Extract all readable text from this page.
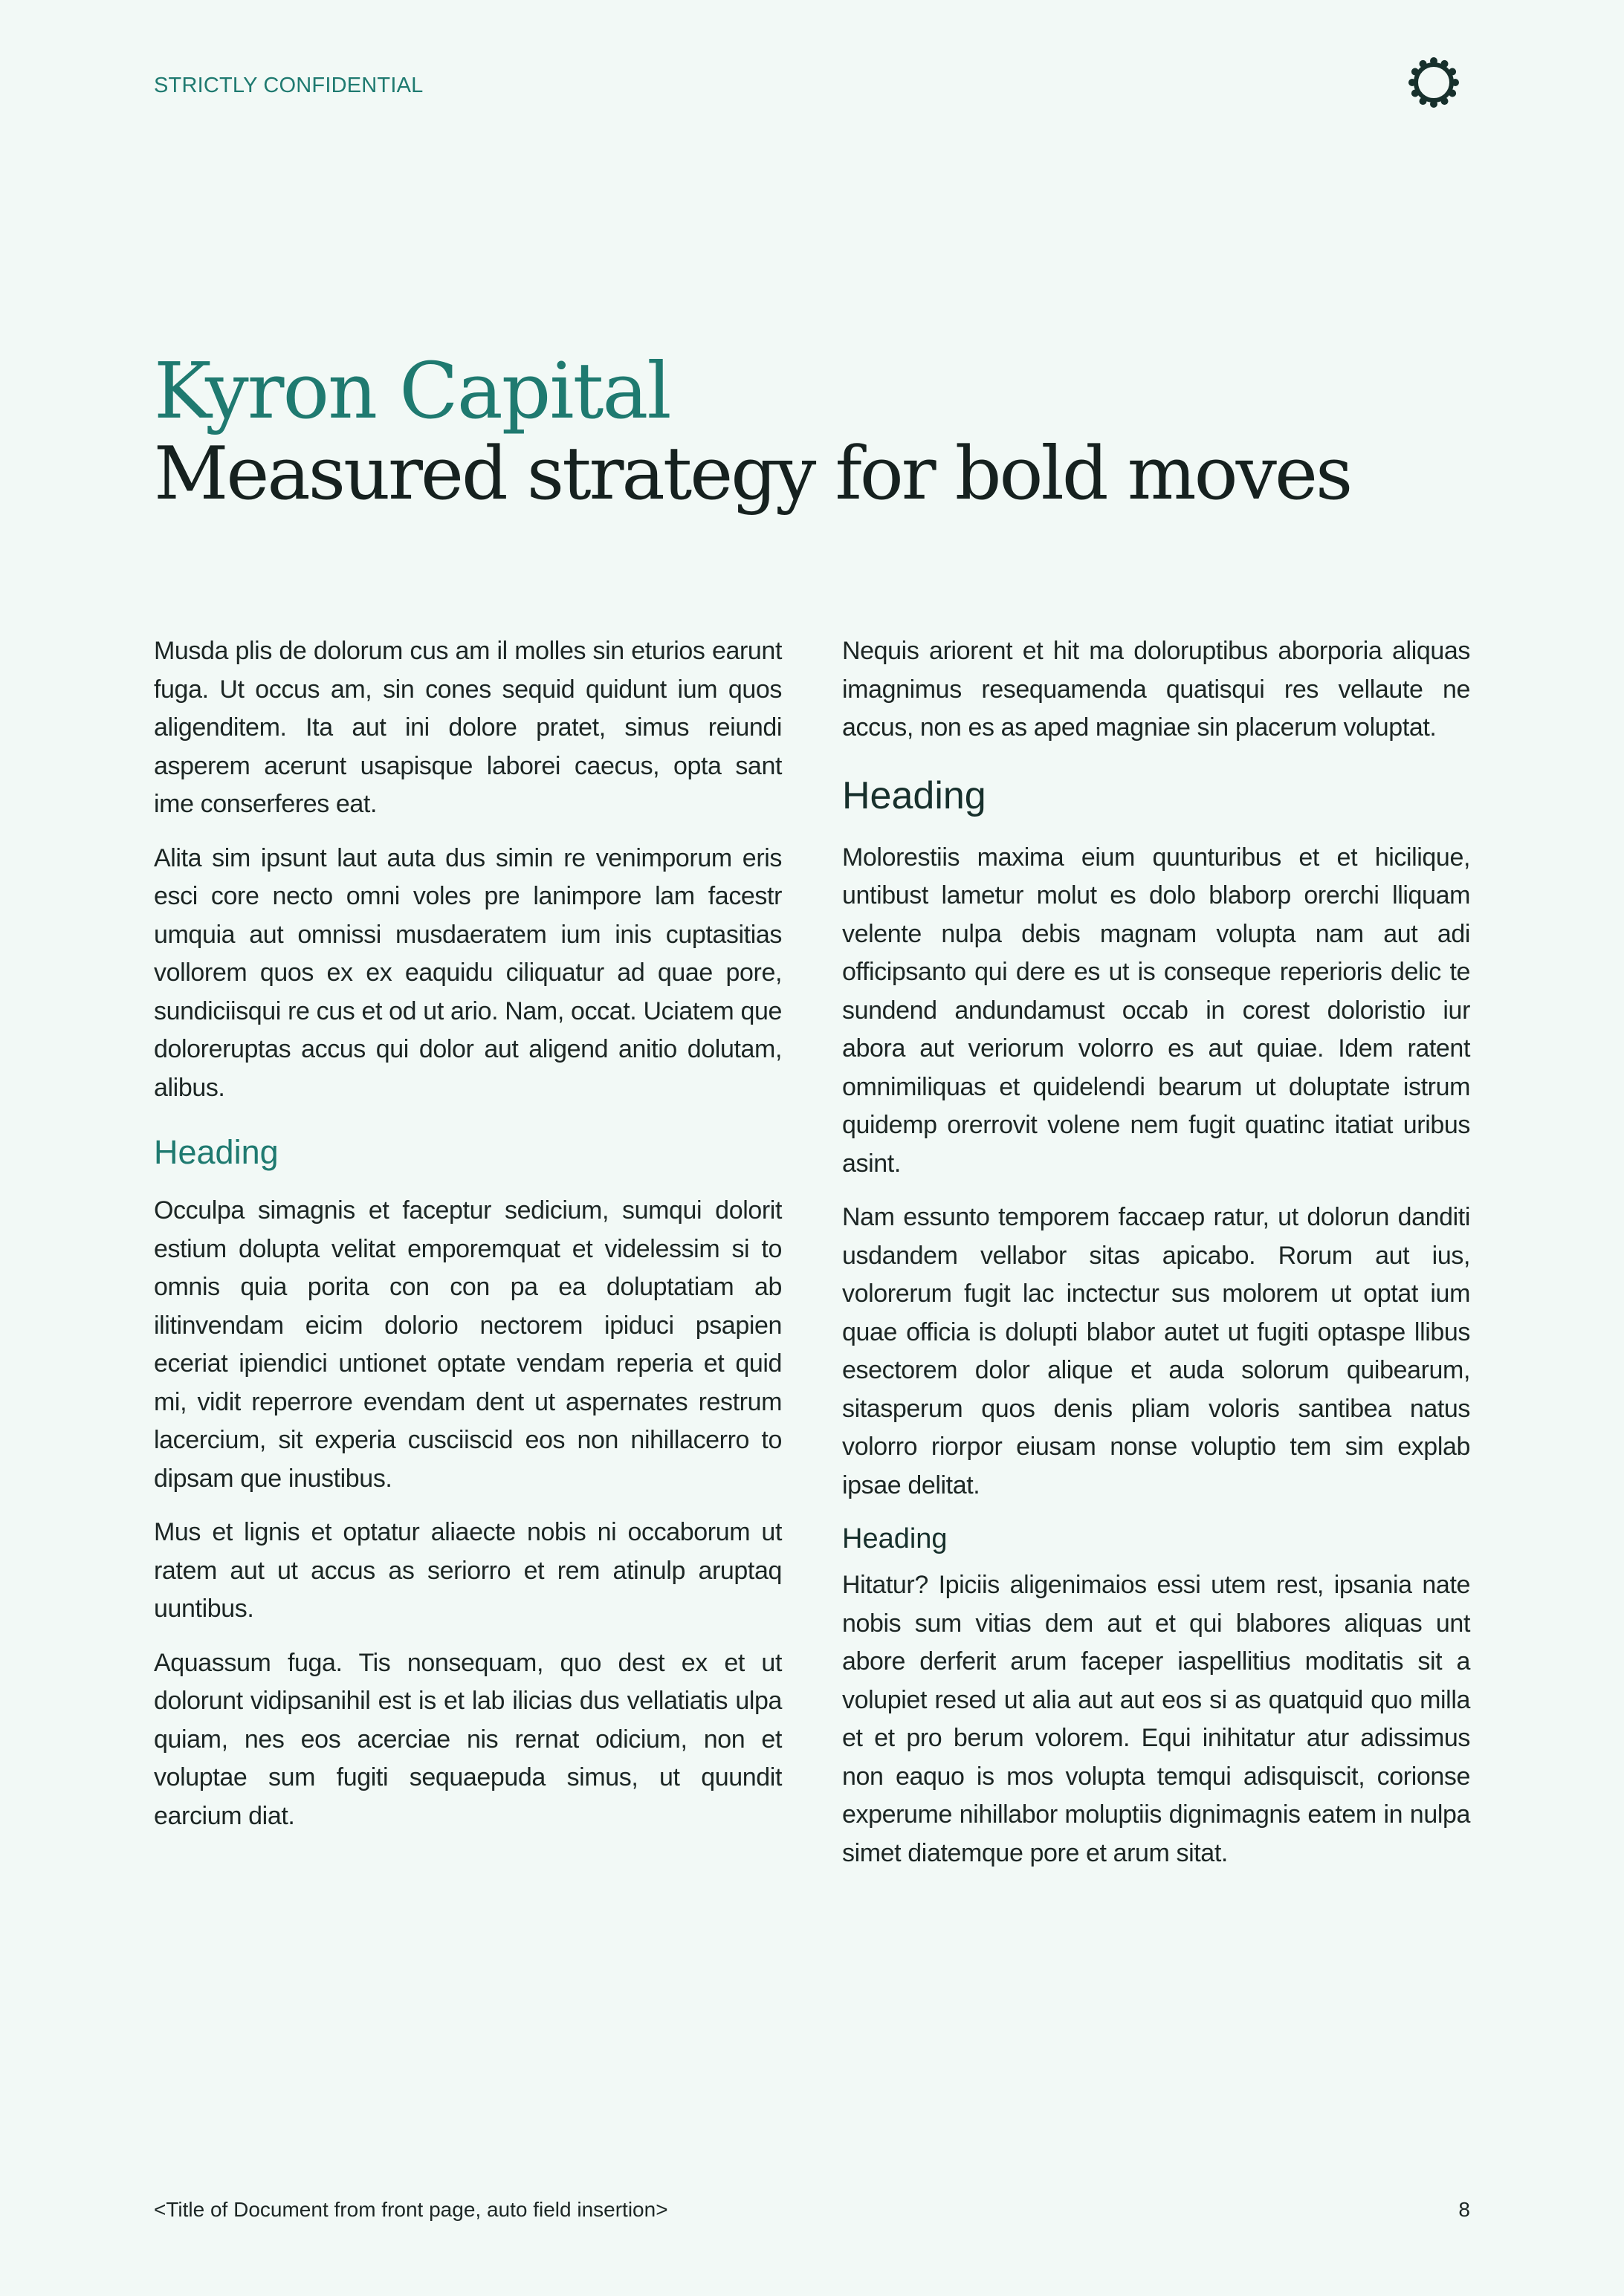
STRICTLY CONFIDENTIAL
Kyron Capital
Measured strategy for bold moves

Musda plis de dolorum cus am il molles sin eturios earunt fuga. Ut occus am, sin cones sequid quidunt ium quos aligenditem. Ita aut ini dolore pratet, simus reiundi asperem acerunt usapisque laborei caecus, opta sant ime conserferes eat.

Alita sim ipsunt laut auta dus simin re venimporum eris esci core necto omni voles pre lanimpore lam facestr umquia aut omnissi musdaeratem ium inis cuptasitias vollorem quos ex ex eaquidu ciliquatur ad quae pore, sundiciisqui re cus et od ut ario. Nam, occat. Uciatem que doloreruptas accus qui dolor aut aligend anitio dolutam, alibus.

Heading

Occulpa simagnis et faceptur sedicium, sumqui dolorit estium dolupta velitat emporemquat et videlessim si to omnis quia porita con con pa ea doluptatiam ab ilitinvendam eicim dolorio nectorem ipiduci psapien eceriat ipiendici untionet optate vendam reperia et quid mi, vidit reperrore evendam dent ut aspernates restrum lacercium, sit experia cusciiscid eos non nihillacerro to dipsam que inustibus.

Mus et lignis et optatur aliaecte nobis ni occaborum ut ratem aut ut accus as seriorro et rem atinulp aruptaq uuntibus.

Aquassum fuga. Tis nonsequam, quo dest ex et ut dolorunt vidipsanihil est is et lab ilicias dus vellatiatis ulpa quiam, nes eos acerciae nis rernat odicium, non et voluptae sum fugiti sequaepuda simus, ut quundit earcium diat.

Nequis ariorent et hit ma doloruptibus aborporia aliquas imagnimus resequamenda quatisqui res vellaute ne accus, non es as aped magniae sin placerum voluptat.

Heading

Molorestiis maxima eium quunturibus et et hicilique, untibust lametur molut es dolo blaborp orerchi lliquam velente nulpa debis magnam volupta nam aut adi officipsanto qui dere es ut is conseque reperioris delic te sundend andundamust occab in corest doloristio iur abora aut veriorum volorro es aut quiae. Idem ratent omnimiliquas et quidelendi bearum ut doluptate istrum quidemp orerrovit volene nem fugit quatinc itatiat uribus asint.

Nam essunto temporem faccaep ratur, ut dolorun danditi usdandem vellabor sitas apicabo. Rorum aut ius, volorerum fugit lac inctectur sus molorem ut optat ium quae officia is dolupti blabor autet ut fugiti optaspe llibus esectorem dolor alique et auda solorum quibearum, sitasperum quos denis pliam voloris santibea natus volorro riorpor eiusam nonse voluptio tem sim explab ipsae delitat.

Heading

Hitatur? Ipiciis aligenimaios essi utem rest, ipsania nate nobis sum vitias dem aut et qui blabores aliquas unt abore derferit arum faceper iaspellitius moditatis sit a volupiet resed ut alia aut aut eos si as quatquid quo milla et et pro berum volorem. Equi inihitatur atur adissimus non eaquo is mos volupta temqui adisquiscit, corionse experume nihillabor moluptiis dignimagnis eatem in nulpa simet diatemque pore et arum sitat.

<Title of Document from front page, auto field insertion>	8
